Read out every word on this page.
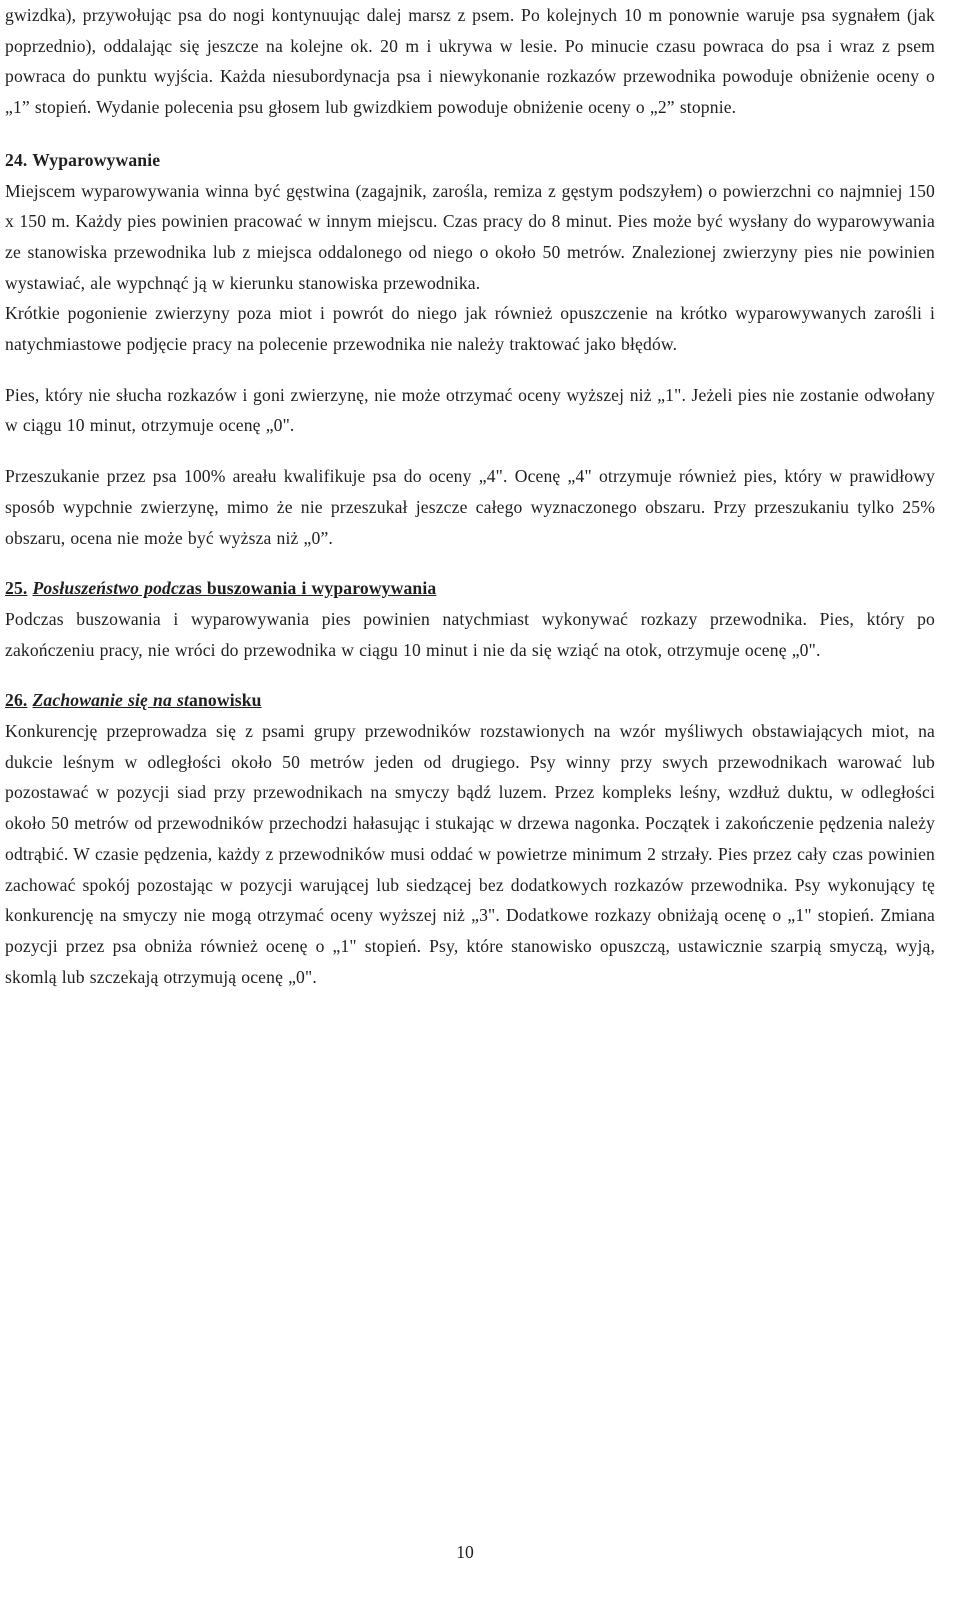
gwizdka), przywołując psa do nogi kontynuując dalej marsz z psem. Po kolejnych 10 m ponownie waruje psa sygnałem (jak poprzednio), oddalając się jeszcze na kolejne ok. 20 m i ukrywa w lesie. Po minucie czasu powraca do psa i wraz z psem powraca do punktu wyjścia. Każda niesubordynacja psa i niewykonanie rozkazów przewodnika powoduje obniżenie oceny o „1” stopień. Wydanie polecenia psu głosem lub gwizdkiem powoduje obniżenie oceny o „2” stopnie.

24. Wyparowywanie

Miejscem wyparowywania winna być gęstwina (zagajnik, zarośla, remiza z gęstym podszyłem) o powierzchni co najmniej 150 x 150 m. Każdy pies powinien pracować w innym miejscu. Czas pracy do 8 minut. Pies może być wysłany do wyparowywania ze stanowiska przewodnika lub z miejsca oddalonego od niego o około 50 metrów. Znalezionej zwierzyny pies nie powinien wystawiać, ale wypchnąć ją w kierunku stanowiska przewodnika.

Krótkie pogonienie zwierzyny poza miot i powrót do niego jak również opuszczenie na krótko wyparowywanych zarośli i natychmiastowe podjęcie pracy na polecenie przewodnika nie należy traktować jako błędów.

Pies, który nie słucha rozkazów i goni zwierzynę, nie może otrzymać oceny wyższej niż „1". Jeżeli pies nie zostanie odwołany w ciągu 10 minut, otrzymuje ocenę „0".

Przeszukanie przez psa 100% areału kwalifikuje psa do oceny „4". Ocenę „4" otrzymuje również pies, który w prawidłowy sposób wypchnie zwierzynę, mimo że nie przeszukał jeszcze całego wyznaczonego obszaru. Przy przeszukaniu tylko 25% obszaru, ocena nie może być wyższa niż „0”.

25. Posłuszeństwo podczas buszowania i wyparowywania

Podczas buszowania i wyparowywania pies powinien natychmiast wykonywać rozkazy przewodnika. Pies, który po zakończeniu pracy, nie wróci do przewodnika w ciągu 10 minut i nie da się wziąć na otok, otrzymuje ocenę „0".

26. Zachowanie się na stanowisku

Konkurencję przeprowadza się z psami grupy przewodników rozstawionych na wzór myśliwych obstawiających miot, na dukcie leśnym w odległości około 50 metrów jeden od drugiego. Psy winny przy swych przewodnikach warować lub pozostawać w pozycji siad przy przewodnikach na smyczy bądź luzem. Przez kompleks leśny, wzdłuż duktu, w odległości około 50 metrów od przewodników przechodzi hałasując i stukając w drzewa nagonka. Początek i zakończenie pędzenia należy odtrąbić. W czasie pędzenia, każdy z przewodników musi oddać w powietrze minimum 2 strzały. Pies przez cały czas powinien zachować spokój pozostając w pozycji warującej lub siedzącej bez dodatkowych rozkazów przewodnika. Psy wykonujący tę konkurencję na smyczy nie mogą otrzymać oceny wyższej niż „3". Dodatkowe rozkazy obniżają ocenę o „1" stopień. Zmiana pozycji przez psa obniża również ocenę o „1" stopień. Psy, które stanowisko opuszczą, ustawicznie szarpią smyczą, wyją, skomlą lub szczekają otrzymują ocenę „0".

10
